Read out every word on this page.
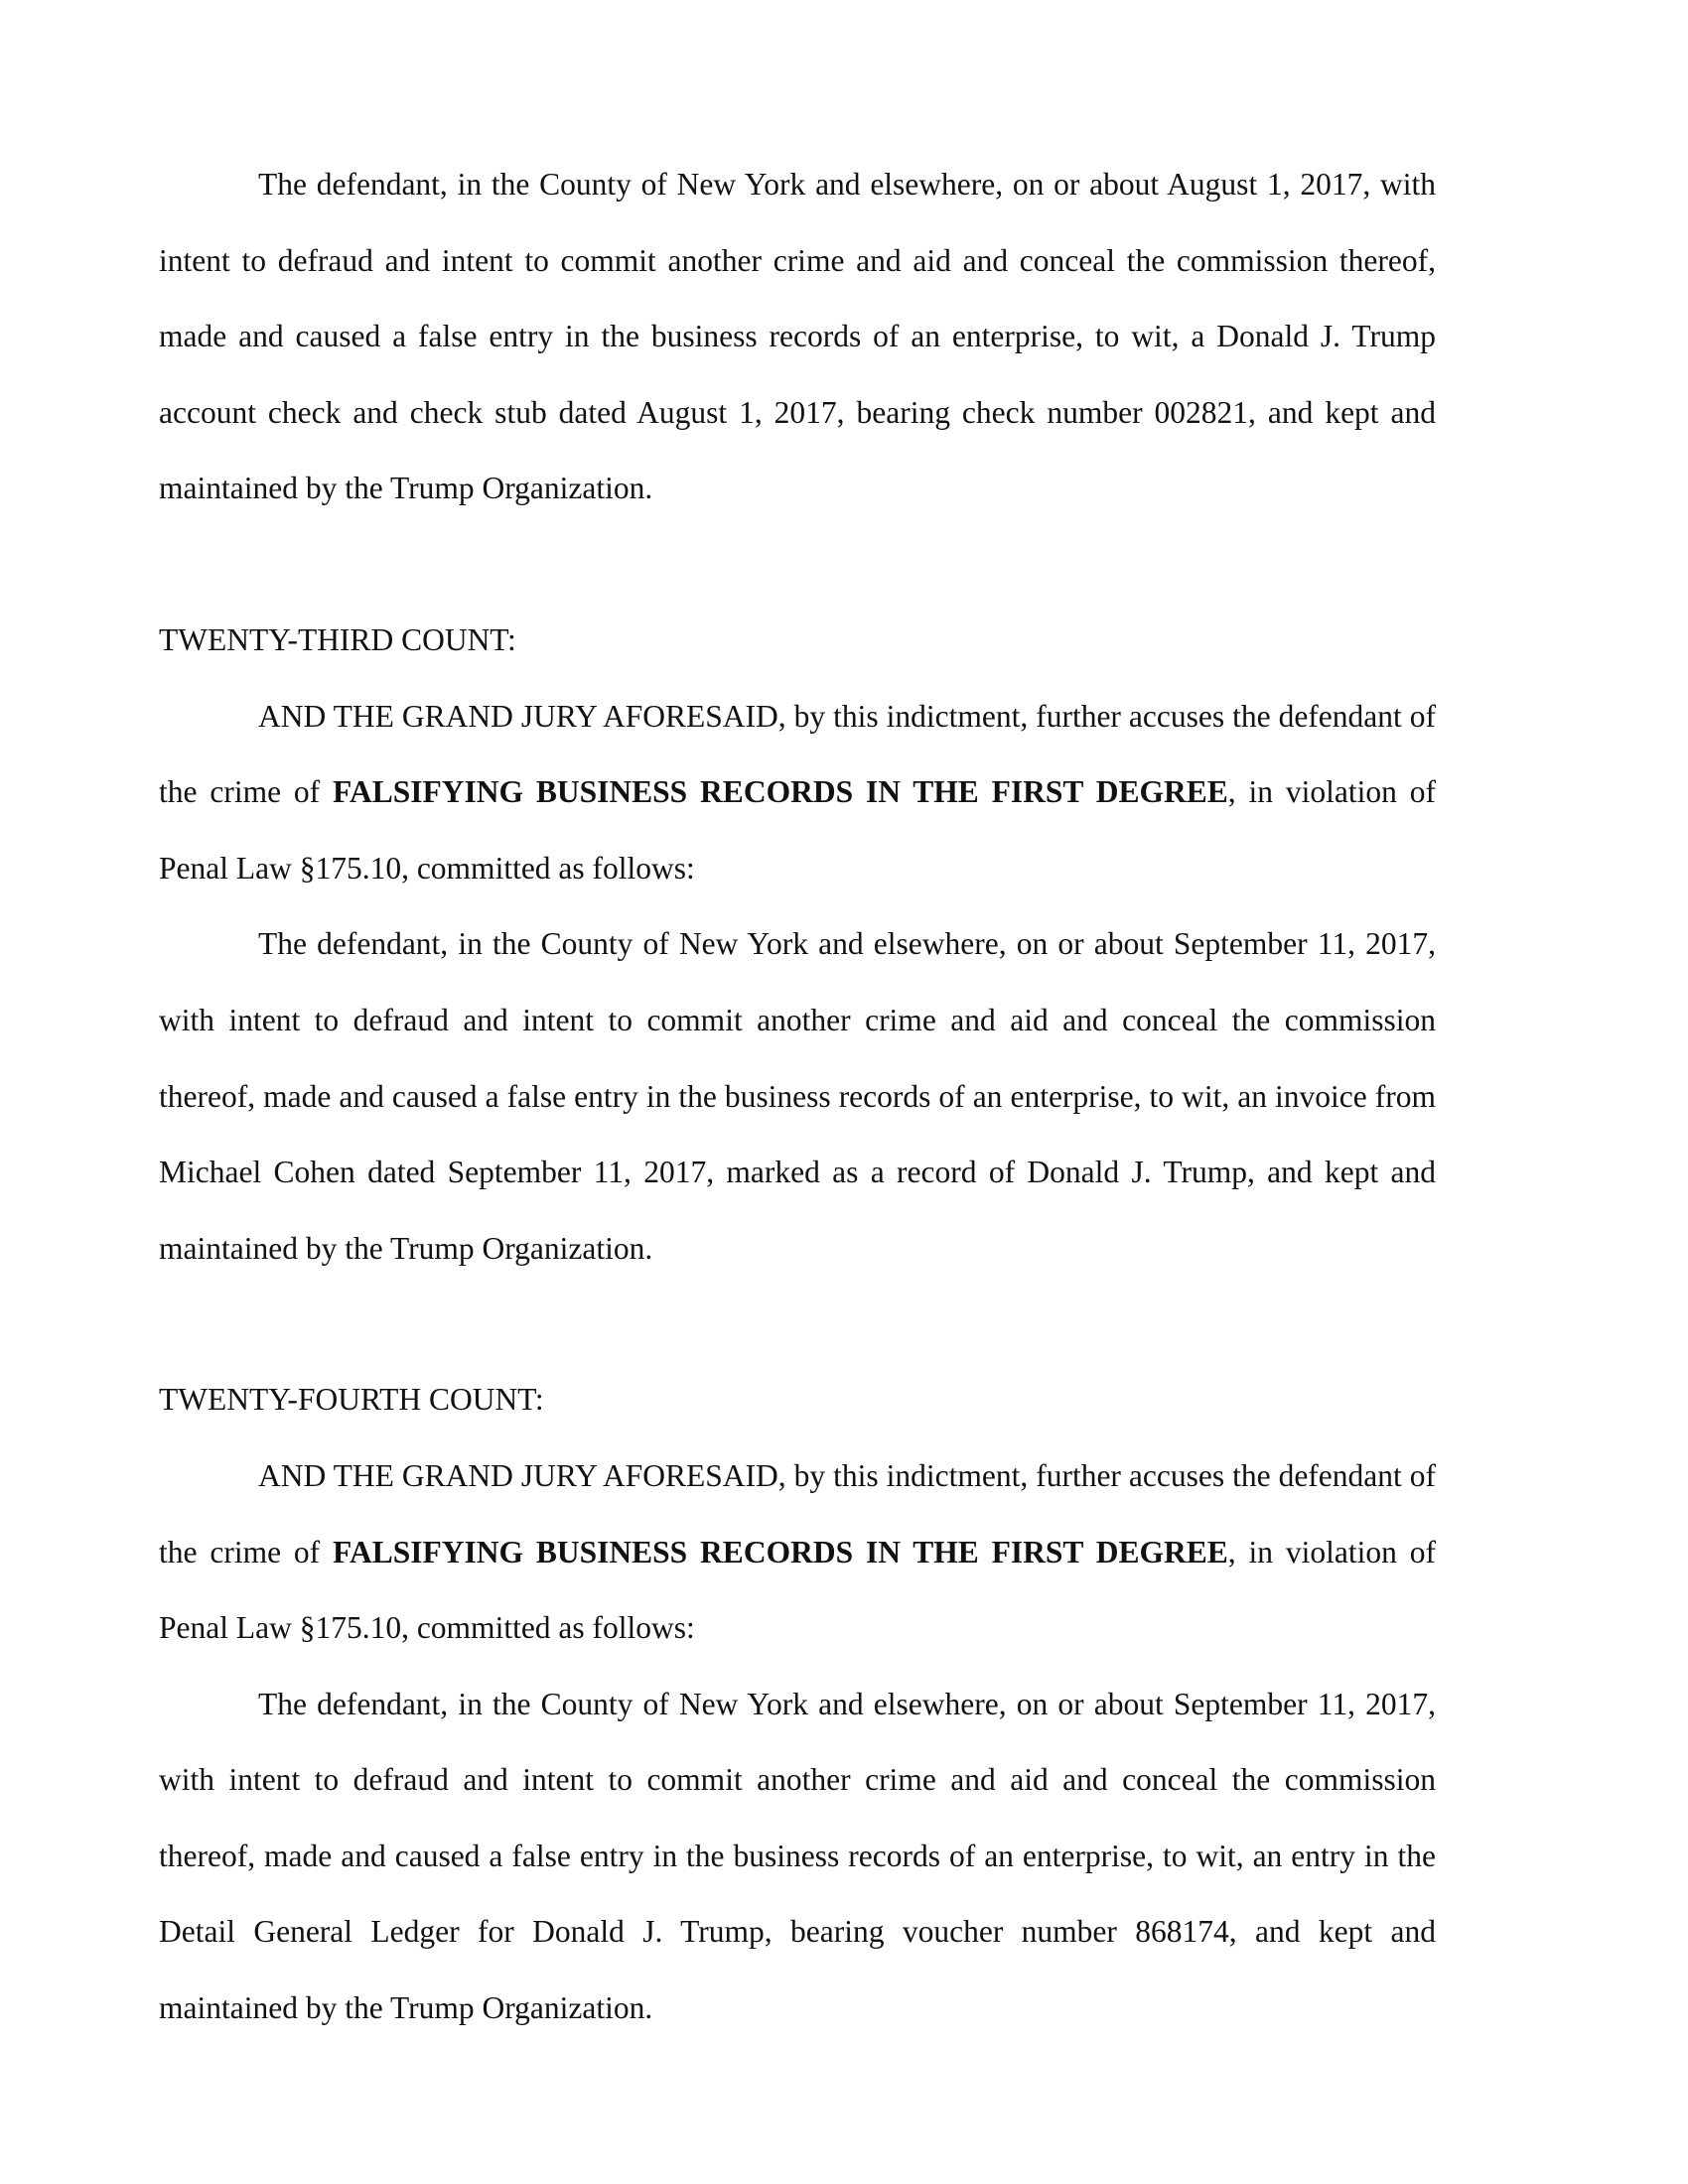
The defendant, in the County of New York and elsewhere, on or about August 1, 2017, with intent to defraud and intent to commit another crime and aid and conceal the commission thereof, made and caused a false entry in the business records of an enterprise, to wit, a Donald J. Trump account check and check stub dated August 1, 2017, bearing check number 002821, and kept and maintained by the Trump Organization.

TWENTY-THIRD COUNT:

AND THE GRAND JURY AFORESAID, by this indictment, further accuses the defendant of the crime of FALSIFYING BUSINESS RECORDS IN THE FIRST DEGREE, in violation of Penal Law §175.10, committed as follows:

The defendant, in the County of New York and elsewhere, on or about September 11, 2017, with intent to defraud and intent to commit another crime and aid and conceal the commission thereof, made and caused a false entry in the business records of an enterprise, to wit, an invoice from Michael Cohen dated September 11, 2017, marked as a record of Donald J. Trump, and kept and maintained by the Trump Organization.

TWENTY-FOURTH COUNT:

AND THE GRAND JURY AFORESAID, by this indictment, further accuses the defendant of the crime of FALSIFYING BUSINESS RECORDS IN THE FIRST DEGREE, in violation of Penal Law §175.10, committed as follows:

The defendant, in the County of New York and elsewhere, on or about September 11, 2017, with intent to defraud and intent to commit another crime and aid and conceal the commission thereof, made and caused a false entry in the business records of an enterprise, to wit, an entry in the Detail General Ledger for Donald J. Trump, bearing voucher number 868174, and kept and maintained by the Trump Organization.
